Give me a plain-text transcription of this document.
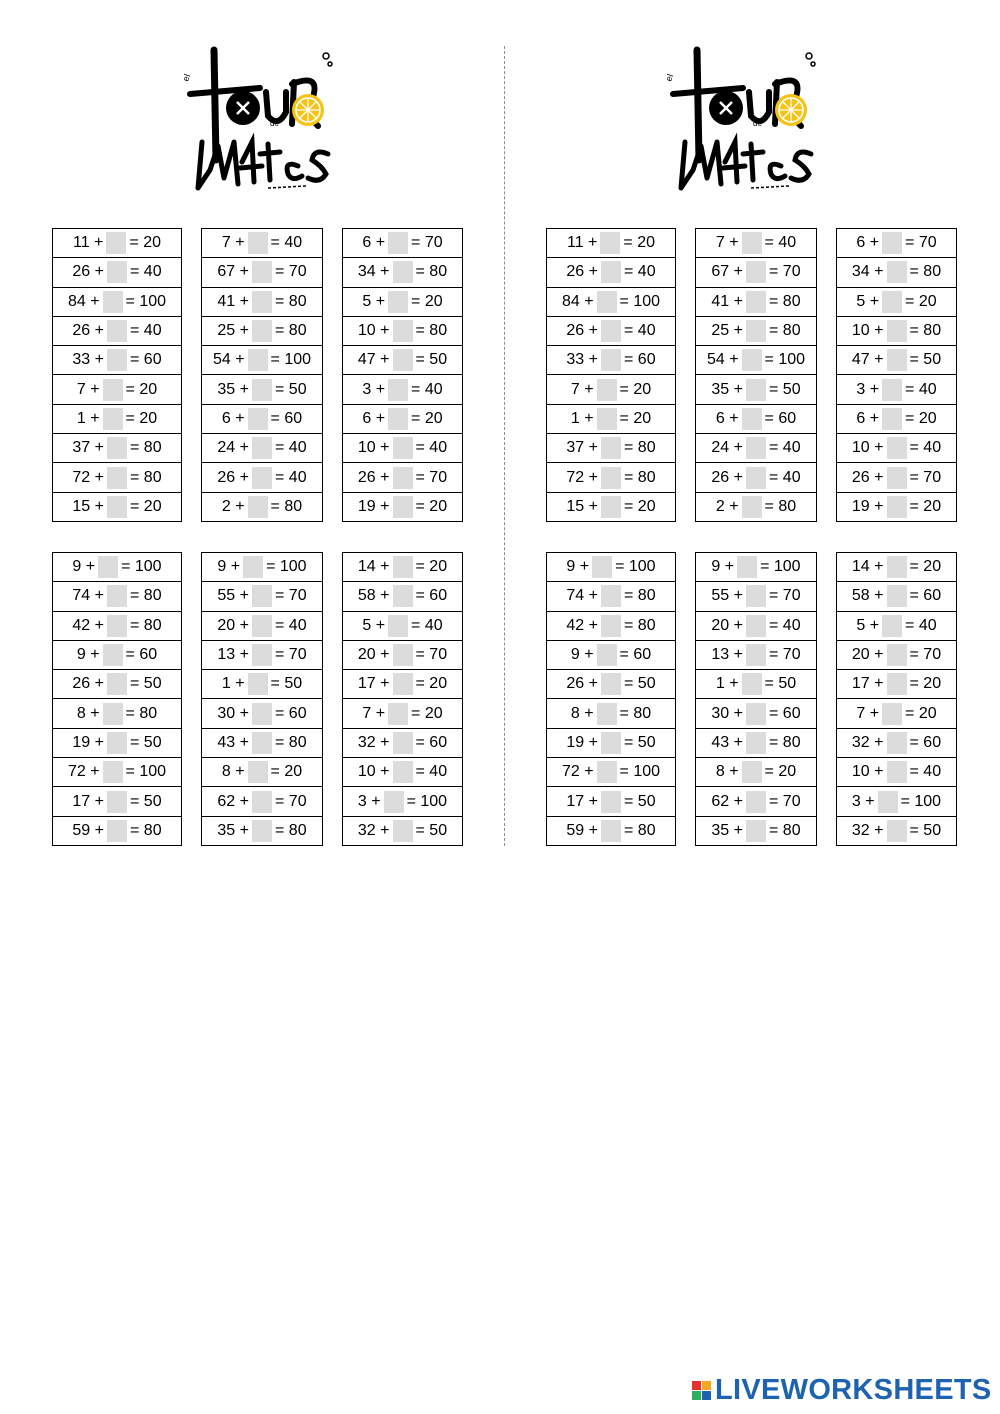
el
de
el
de
11 + = 20

26 + = 40

84 + = 100

26 + = 40

33 + = 60

7 + = 20

1 + = 20

37 + = 80

72 + = 80

15 + = 20
7 + = 40

67 + = 70

41 + = 80

25 + = 80

54 + = 100

35 + = 50

6 + = 60

24 + = 40

26 + = 40

2 + = 80
6 + = 70

34 + = 80

5 + = 20

10 + = 80

47 + = 50

3 + = 40

6 + = 20

10 + = 40

26 + = 70

19 + = 20
9 + = 100

74 + = 80

42 + = 80

9 + = 60

26 + = 50

8 + = 80

19 + = 50

72 + = 100

17 + = 50

59 + = 80
9 + = 100

55 + = 70

20 + = 40

13 + = 70

1 + = 50

30 + = 60

43 + = 80

8 + = 20

62 + = 70

35 + = 80
14 + = 20

58 + = 60

5 + = 40

20 + = 70

17 + = 20

7 + = 20

32 + = 60

10 + = 40

3 + = 100

32 + = 50
11 + = 20

26 + = 40

84 + = 100

26 + = 40

33 + = 60

7 + = 20

1 + = 20

37 + = 80

72 + = 80

15 + = 20
7 + = 40

67 + = 70

41 + = 80

25 + = 80

54 + = 100

35 + = 50

6 + = 60

24 + = 40

26 + = 40

2 + = 80
6 + = 70

34 + = 80

5 + = 20

10 + = 80

47 + = 50

3 + = 40

6 + = 20

10 + = 40

26 + = 70

19 + = 20
9 + = 100

74 + = 80

42 + = 80

9 + = 60

26 + = 50

8 + = 80

19 + = 50

72 + = 100

17 + = 50

59 + = 80
9 + = 100

55 + = 70

20 + = 40

13 + = 70

1 + = 50

30 + = 60

43 + = 80

8 + = 20

62 + = 70

35 + = 80
14 + = 20

58 + = 60

5 + = 40

20 + = 70

17 + = 20

7 + = 20

32 + = 60

10 + = 40

3 + = 100

32 + = 50
LIVEWORKSHEETS
